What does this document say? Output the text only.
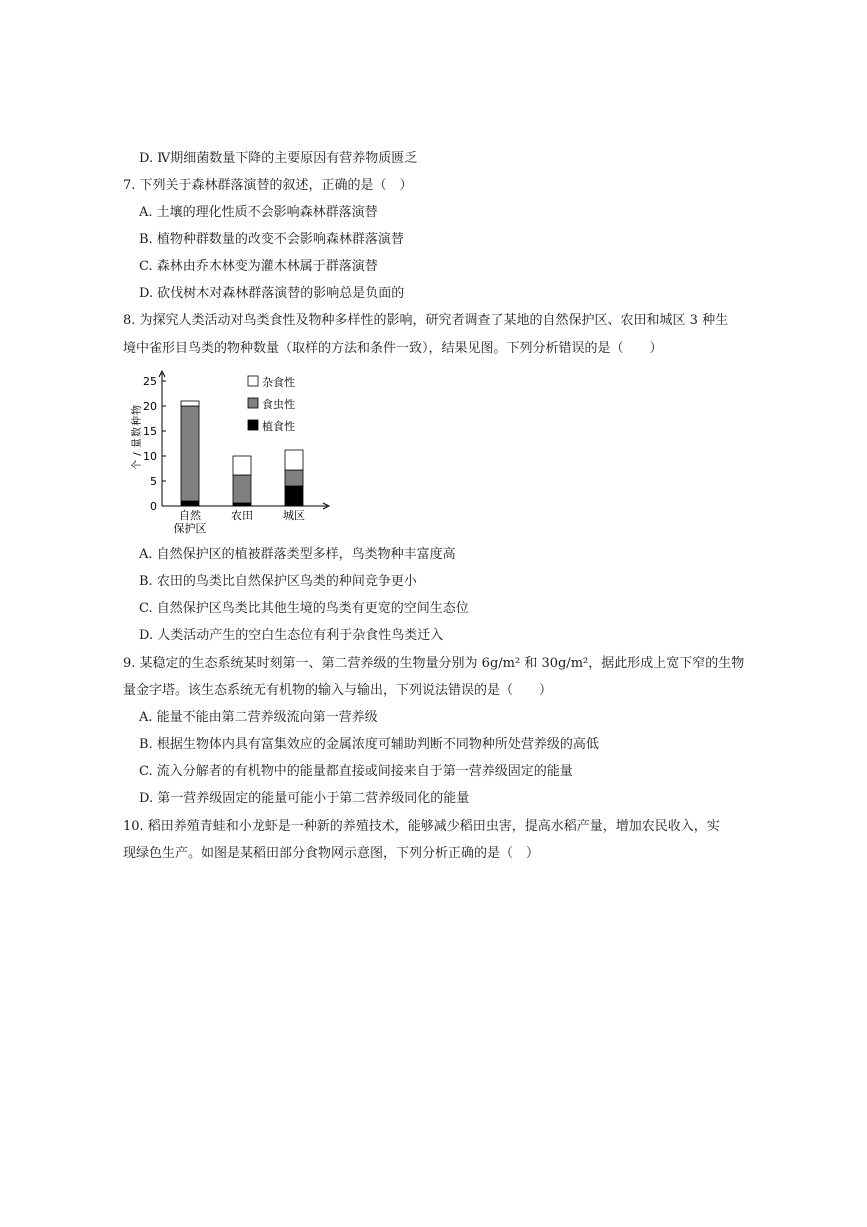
D. Ⅳ期细菌数量下降的主要原因有营养物质匮乏
7. 下列关于森林群落演替的叙述，正确的是（　）
A. 土壤的理化性质不会影响森林群落演替
B. 植物种群数量的改变不会影响森林群落演替
C. 森林由乔木林变为灌木林属于群落演替
D. 砍伐树木对森林群落演替的影响总是负面的
8. 为探究人类活动对鸟类食性及物种多样性的影响，研究者调查了某地的自然保护区、农田和城区 3 种生
境中雀形目鸟类的物种数量（取样的方法和条件一致），结果见图。下列分析错误的是（　　）
0
5
10
15
20
25
物
种
数
量
/
个
自然
保护区
农田	城区
杂食性
食虫性
植食性
A. 自然保护区的植被群落类型多样，鸟类物种丰富度高
B. 农田的鸟类比自然保护区鸟类的种间竞争更小
C. 自然保护区鸟类比其他生境的鸟类有更宽的空间生态位
D. 人类活动产生的空白生态位有利于杂食性鸟类迁入
9. 某稳定的生态系统某时刻第一、第二营养级的生物量分别为 6g/m² 和 30g/m²，据此形成上宽下窄的生物
量金字塔。该生态系统无有机物的输入与输出，下列说法错误的是（　　）
A. 能量不能由第二营养级流向第一营养级
B. 根据生物体内具有富集效应的金属浓度可辅助判断不同物种所处营养级的高低
C. 流入分解者的有机物中的能量都直接或间接来自于第一营养级固定的能量
D. 第一营养级固定的能量可能小于第二营养级同化的能量
10. 稻田养殖青蛙和小龙虾是一种新的养殖技术，能够减少稻田虫害，提高水稻产量，增加农民收入，实
现绿色生产。如图是某稻田部分食物网示意图，下列分析正确的是（　）
